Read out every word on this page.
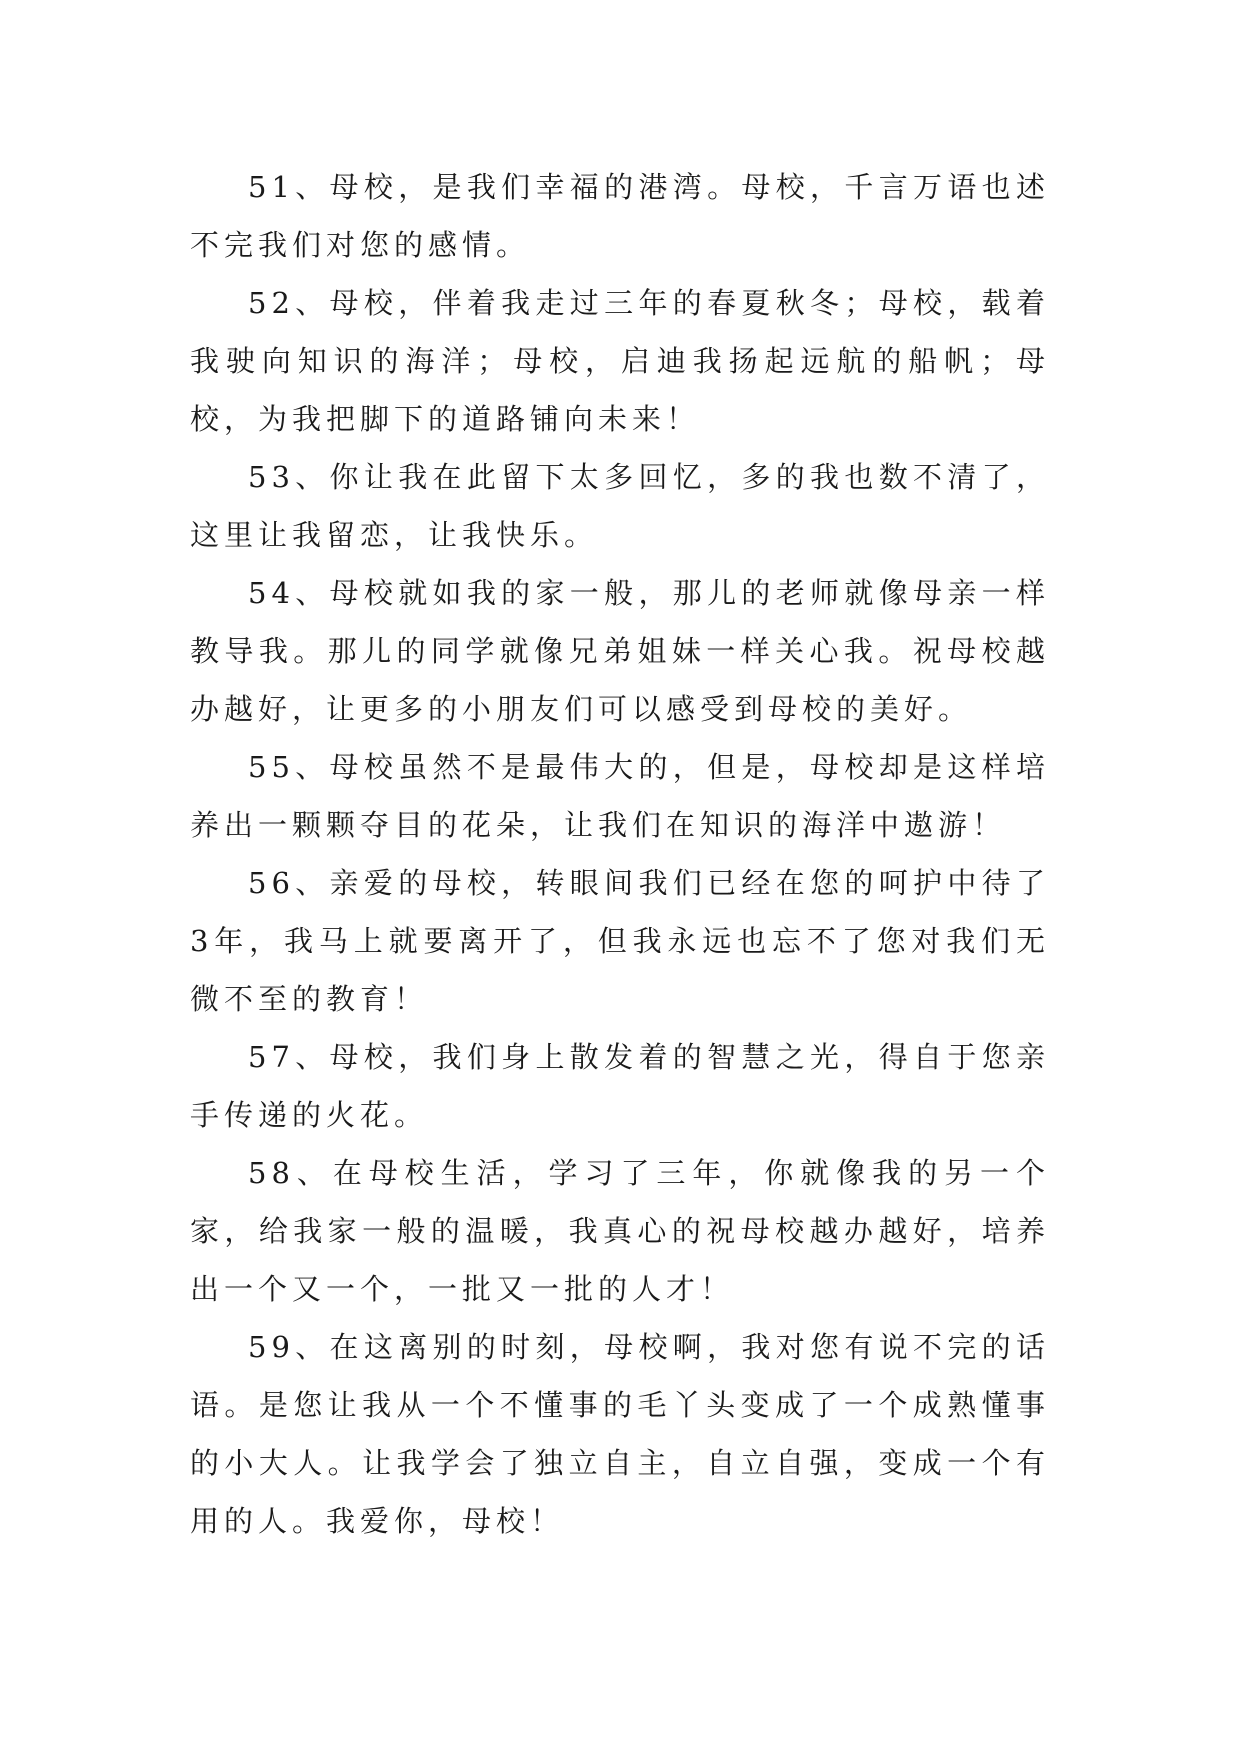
51、母校，是我们幸福的港湾。母校，千言万语也述不完我们对您的感情。

52、母校，伴着我走过三年的春夏秋冬；母校，载着我驶向知识的海洋；母校，启迪我扬起远航的船帆；母校，为我把脚下的道路铺向未来！

53、你让我在此留下太多回忆，多的我也数不清了，这里让我留恋，让我快乐。

54、母校就如我的家一般，那儿的老师就像母亲一样教导我。那儿的同学就像兄弟姐妹一样关心我。祝母校越办越好，让更多的小朋友们可以感受到母校的美好。

55、母校虽然不是最伟大的，但是，母校却是这样培养出一颗颗夺目的花朵，让我们在知识的海洋中遨游！

56、亲爱的母校，转眼间我们已经在您的呵护中待了3年，我马上就要离开了，但我永远也忘不了您对我们无微不至的教育！

57、母校，我们身上散发着的智慧之光，得自于您亲手传递的火花。

58、在母校生活，学习了三年，你就像我的另一个家，给我家一般的温暖，我真心的祝母校越办越好，培养出一个又一个，一批又一批的人才！

59、在这离别的时刻，母校啊，我对您有说不完的话语。是您让我从一个不懂事的毛丫头变成了一个成熟懂事的小大人。让我学会了独立自主，自立自强，变成一个有用的人。我爱你，母校！
